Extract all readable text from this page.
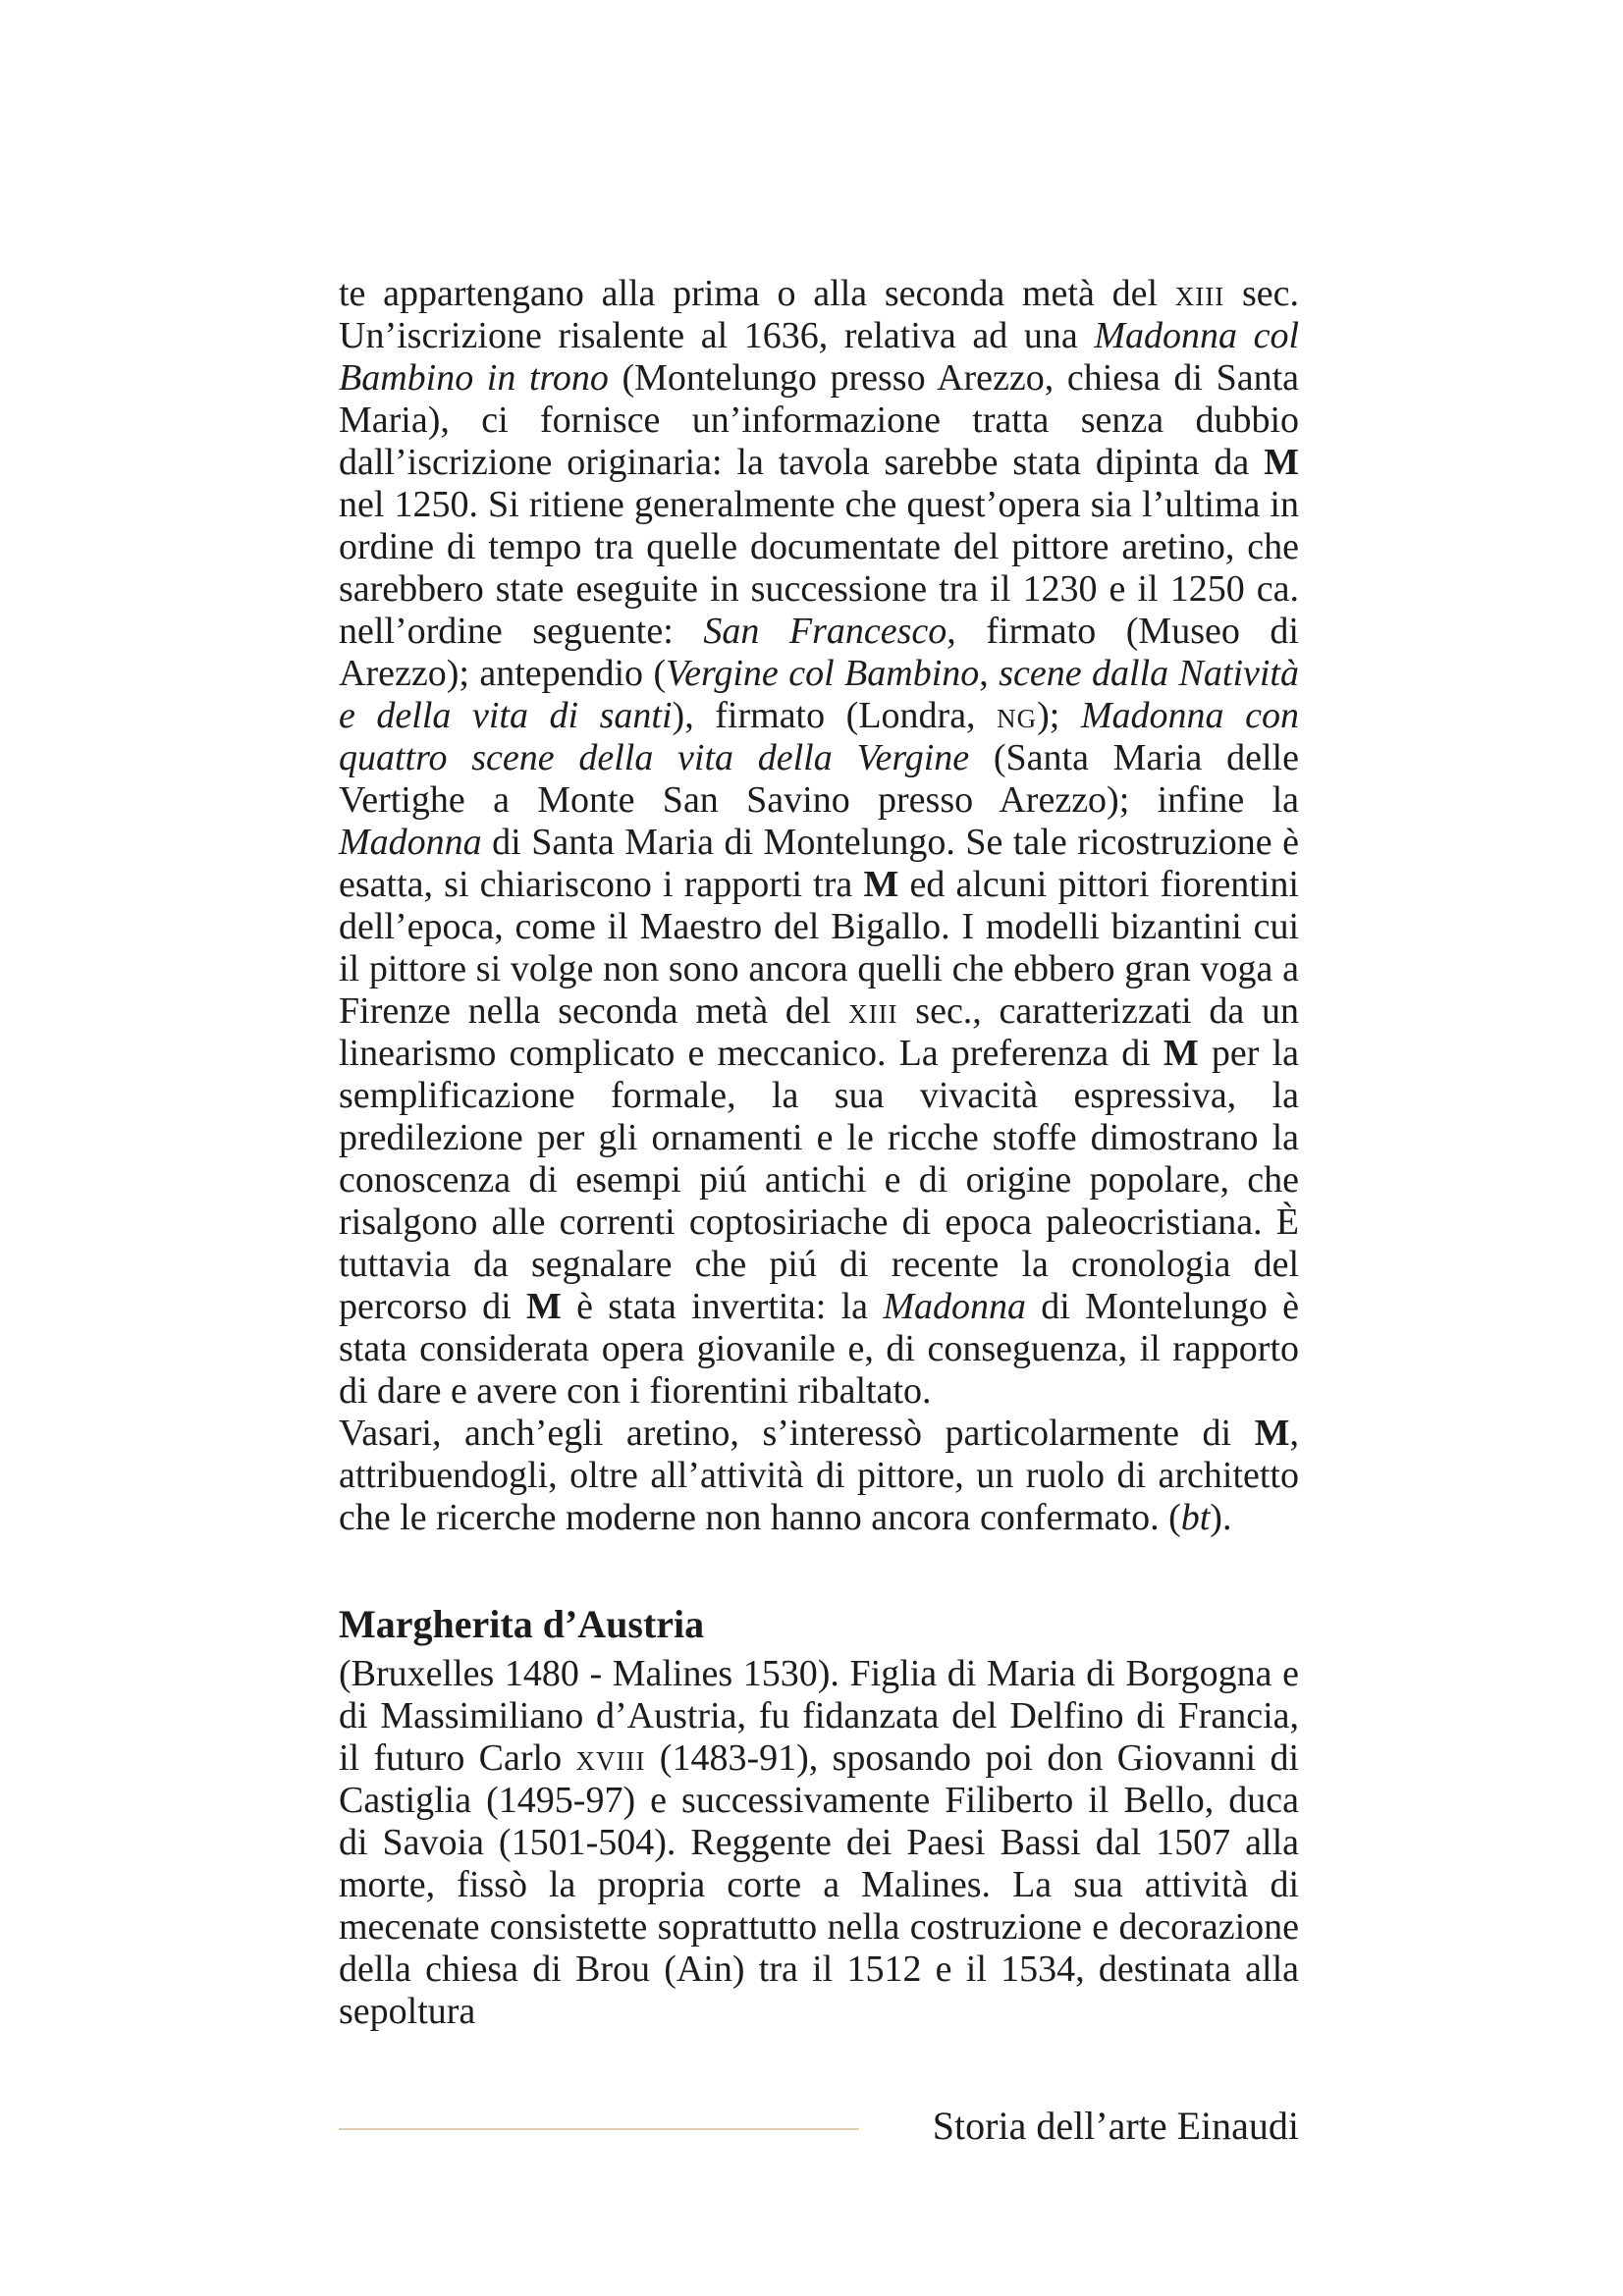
te appartengano alla prima o alla seconda metà del xiii sec. Un’iscrizione risalente al 1636, relativa ad una Madonna col Bambino in trono (Montelungo presso Arezzo, chiesa di Santa Maria), ci fornisce un’informazione tratta senza dubbio dall’iscrizione originaria: la tavola sarebbe stata dipinta da M nel 1250. Si ritiene generalmente che quest’opera sia l’ultima in ordine di tempo tra quelle documentate del pittore aretino, che sarebbero state eseguite in successione tra il 1230 e il 1250 ca. nell’ordine seguente: San Francesco, firmato (Museo di Arezzo); antependio (Vergine col Bambino, scene dalla Natività e della vita di santi), firmato (Londra, ng); Madonna con quattro scene della vita della Vergine (Santa Maria delle Vertighe a Monte San Savino presso Arezzo); infine la Madonna di Santa Maria di Montelungo. Se tale ricostruzione è esatta, si chiariscono i rapporti tra M ed alcuni pittori fiorentini dell’epoca, come il Maestro del Bigallo. I modelli bizantini cui il pittore si volge non sono ancora quelli che ebbero gran voga a Firenze nella seconda metà del xiii sec., caratterizzati da un linearismo complicato e meccanico. La preferenza di M per la semplificazione formale, la sua vivacità espressiva, la predilezione per gli ornamenti e le ricche stoffe dimostrano la conoscenza di esempi piú antichi e di origine popolare, che risalgono alle correnti coptosiriache di epoca paleocristiana. È tuttavia da segnalare che piú di recente la cronologia del percorso di M è stata invertita: la Madonna di Montelungo è stata considerata opera giovanile e, di conseguenza, il rapporto di dare e avere con i fiorentini ribaltato.

Vasari, anch’egli aretino, s’interessò particolarmente di M, attribuendogli, oltre all’attività di pittore, un ruolo di architetto che le ricerche moderne non hanno ancora confermato. (bt).

Margherita d’Austria

(Bruxelles 1480 - Malines 1530). Figlia di Maria di Borgogna e di Massimiliano d’Austria, fu fidanzata del Delfino di Francia, il futuro Carlo xviii (1483-91), sposando poi don Giovanni di Castiglia (1495-97) e successivamente Filiberto il Bello, duca di Savoia (1501-504). Reggente dei Paesi Bassi dal 1507 alla morte, fissò la propria corte a Malines. La sua attività di mecenate consistette soprattutto nella costruzione e decorazione della chiesa di Brou (Ain) tra il 1512 e il 1534, destinata alla sepoltura

Storia dell’arte Einaudi
